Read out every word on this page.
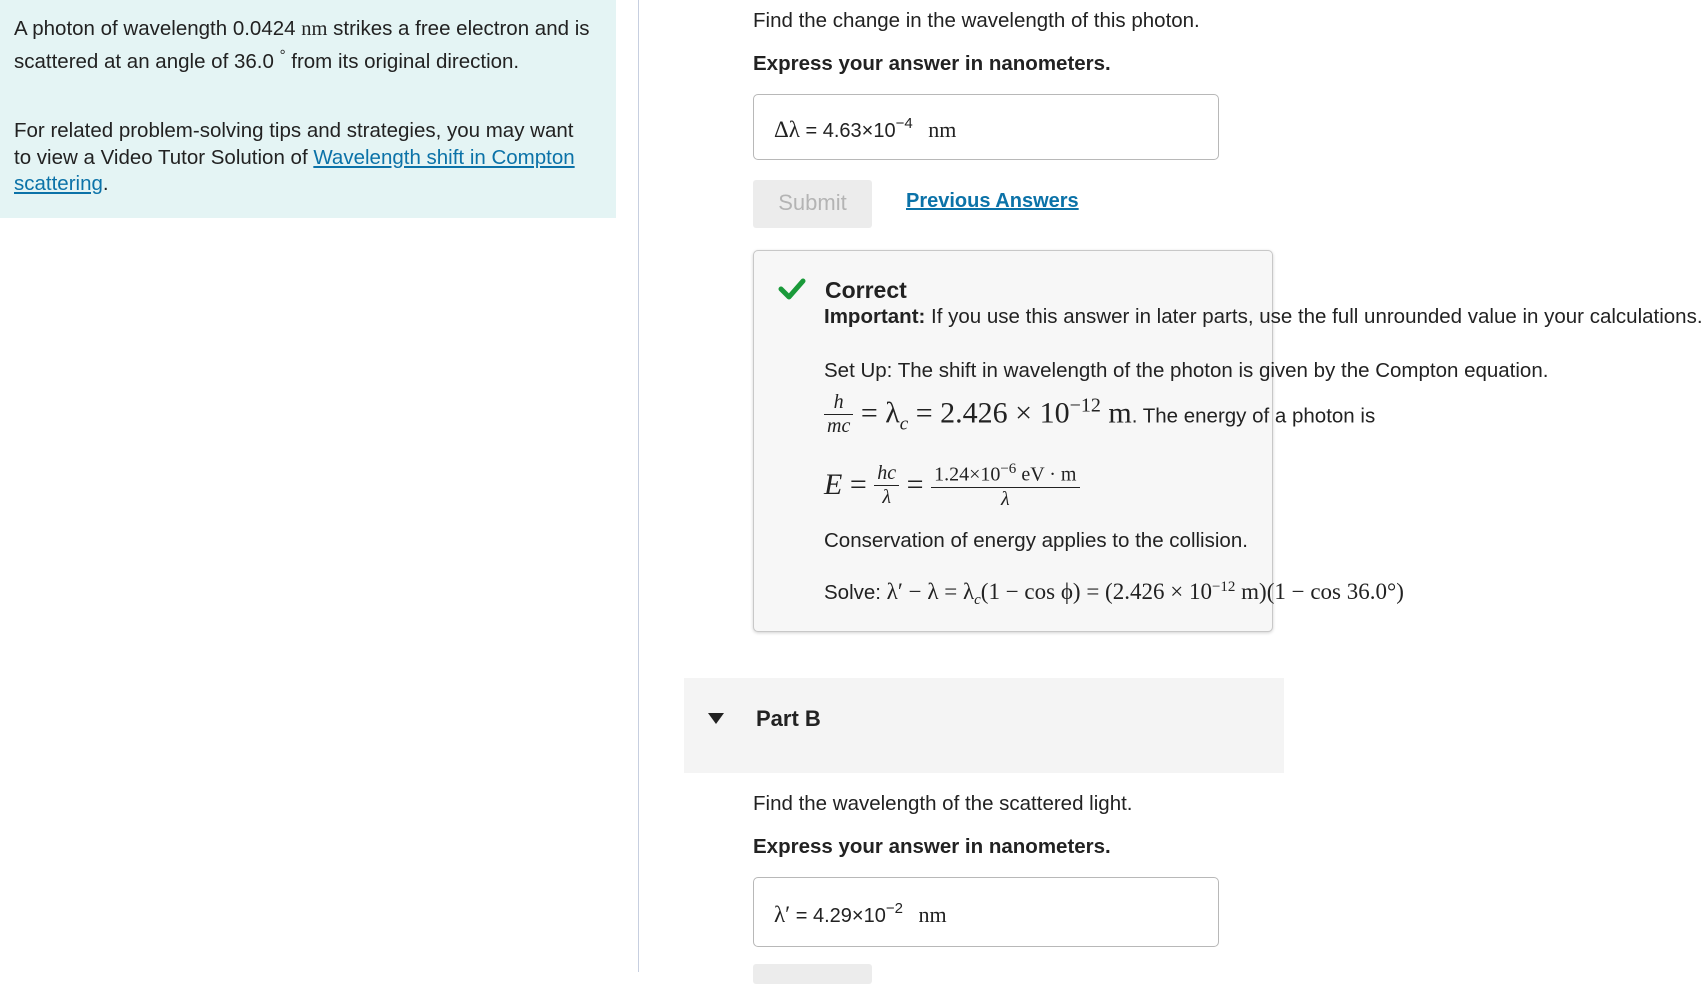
A photon of wavelength 0.0424 nm strikes a free electron and is scattered at an angle of 36.0 ° from its original direction.

For related problem-solving tips and strategies, you may want to view a Video Tutor Solution of Wavelength shift in Compton scattering.

Find the change in the wavelength of this photon.
Express your answer in nanometers.
$\Delta\lambda = 4.63\times 10^{-4}$ nm
Submit	Previous Answers
Correct
Important: If you use this answer in later parts, use the full unrounded value in your calculations.
Set Up: The shift in wavelength of the photon is given by the Compton equation.
$\frac{h}{mc} = \lambda_c = 2.426 \times 10^{-12}$ m. The energy of a photon is
$E = \frac{hc}{\lambda} = \frac{1.24\times 10^{-6} eV \cdot m}{\lambda}$
Conservation of energy applies to the collision.
Solve: $\lambda' - \lambda = \lambda_c(1 - \cos \phi) = (2.426 \times 10^{-12}$ m)(1 − cos 36.0°)
Part B
Find the wavelength of the scattered light.
Express your answer in nanometers.
$\lambda' = 4.29\times 10^{-2}$ nm
